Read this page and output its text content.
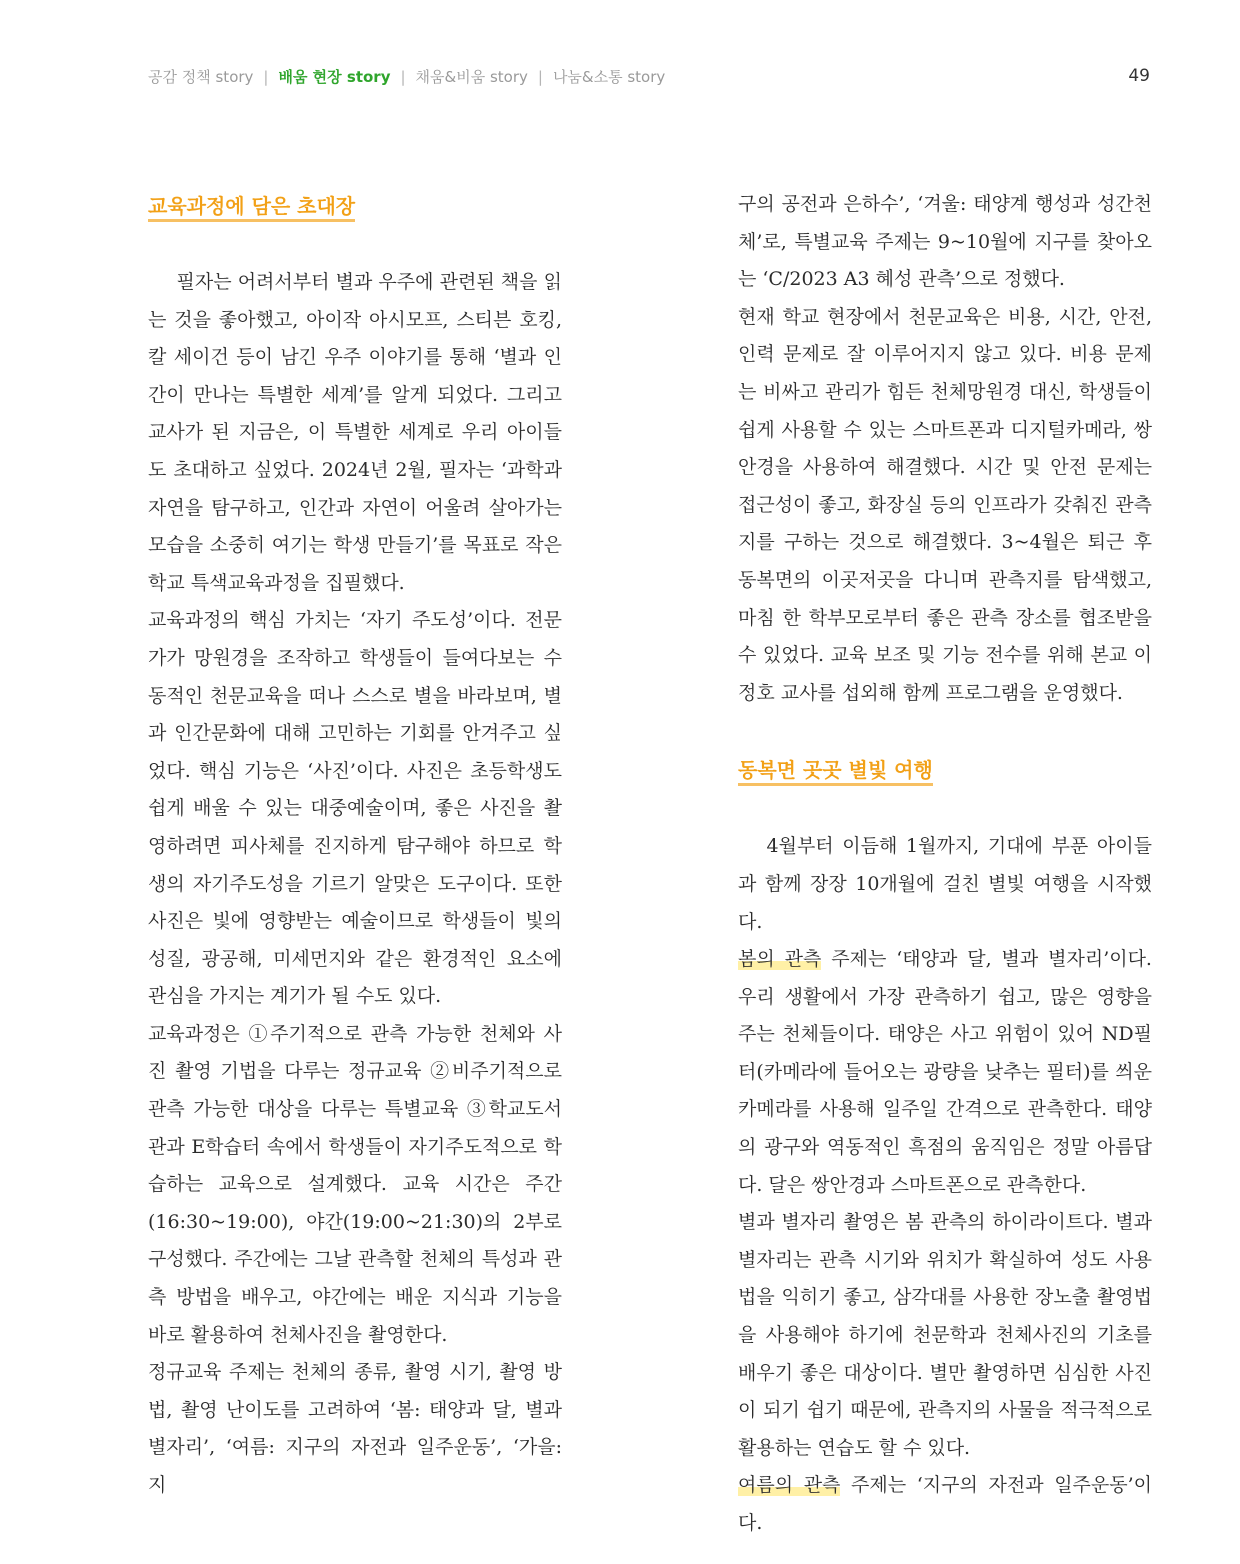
공감 정책 story | 배움 현장 story | 채움&비움 story | 나눔&소통 story	49
교육과정에 담은 초대장

필자는 어려서부터 별과 우주에 관련된 책을 읽는 것을 좋아했고, 아이작 아시모프, 스티븐 호킹, 칼 세이건 등이 남긴 우주 이야기를 통해 ‘별과 인간이 만나는 특별한 세계’를 알게 되었다. 그리고 교사가 된 지금은, 이 특별한 세계로 우리 아이들도 초대하고 싶었다. 2024년 2월, 필자는 ‘과학과 자연을 탐구하고, 인간과 자연이 어울려 살아가는 모습을 소중히 여기는 학생 만들기’를 목표로 작은 학교 특색교육과정을 집필했다.

교육과정의 핵심 가치는 ‘자기 주도성’이다. 전문가가 망원경을 조작하고 학생들이 들여다보는 수동적인 천문교육을 떠나 스스로 별을 바라보며, 별과 인간문화에 대해 고민하는 기회를 안겨주고 싶었다. 핵심 기능은 ‘사진’이다. 사진은 초등학생도 쉽게 배울 수 있는 대중예술이며, 좋은 사진을 촬영하려면 피사체를 진지하게 탐구해야 하므로 학생의 자기주도성을 기르기 알맞은 도구이다. 또한 사진은 빛에 영향받는 예술이므로 학생들이 빛의 성질, 광공해, 미세먼지와 같은 환경적인 요소에 관심을 가지는 계기가 될 수도 있다.

교육과정은 ①주기적으로 관측 가능한 천체와 사진 촬영 기법을 다루는 정규교육 ②비주기적으로 관측 가능한 대상을 다루는 특별교육 ③학교도서관과 E학습터 속에서 학생들이 자기주도적으로 학습하는 교육으로 설계했다. 교육 시간은 주간(16:30~19:00), 야간(19:00~21:30)의 2부로 구성했다. 주간에는 그날 관측할 천체의 특성과 관측 방법을 배우고, 야간에는 배운 지식과 기능을 바로 활용하여 천체사진을 촬영한다.

정규교육 주제는 천체의 종류, 촬영 시기, 촬영 방법, 촬영 난이도를 고려하여 ‘봄: 태양과 달, 별과 별자리’, ‘여름: 지구의 자전과 일주운동’, ‘가을: 지

구의 공전과 은하수’, ‘겨울: 태양계 행성과 성간천체’로, 특별교육 주제는 9~10월에 지구를 찾아오는 ‘C/2023 A3 혜성 관측’으로 정했다.

현재 학교 현장에서 천문교육은 비용, 시간, 안전, 인력 문제로 잘 이루어지지 않고 있다. 비용 문제는 비싸고 관리가 힘든 천체망원경 대신, 학생들이 쉽게 사용할 수 있는 스마트폰과 디지털카메라, 쌍안경을 사용하여 해결했다. 시간 및 안전 문제는 접근성이 좋고, 화장실 등의 인프라가 갖춰진 관측지를 구하는 것으로 해결했다. 3~4월은 퇴근 후 동복면의 이곳저곳을 다니며 관측지를 탐색했고, 마침 한 학부모로부터 좋은 관측 장소를 협조받을 수 있었다. 교육 보조 및 기능 전수를 위해 본교 이정호 교사를 섭외해 함께 프로그램을 운영했다.

동복면 곳곳 별빛 여행

4월부터 이듬해 1월까지, 기대에 부푼 아이들과 함께 장장 10개월에 걸친 별빛 여행을 시작했다.

봄의 관측 주제는 ‘태양과 달, 별과 별자리’이다. 우리 생활에서 가장 관측하기 쉽고, 많은 영향을 주는 천체들이다. 태양은 사고 위험이 있어 ND필터(카메라에 들어오는 광량을 낮추는 필터)를 씌운 카메라를 사용해 일주일 간격으로 관측한다. 태양의 광구와 역동적인 흑점의 움직임은 정말 아름답다. 달은 쌍안경과 스마트폰으로 관측한다.

별과 별자리 촬영은 봄 관측의 하이라이트다. 별과 별자리는 관측 시기와 위치가 확실하여 성도 사용법을 익히기 좋고, 삼각대를 사용한 장노출 촬영법을 사용해야 하기에 천문학과 천체사진의 기초를 배우기 좋은 대상이다. 별만 촬영하면 심심한 사진이 되기 쉽기 때문에, 관측지의 사물을 적극적으로 활용하는 연습도 할 수 있다.

여름의 관측 주제는 ‘지구의 자전과 일주운동’이다.
